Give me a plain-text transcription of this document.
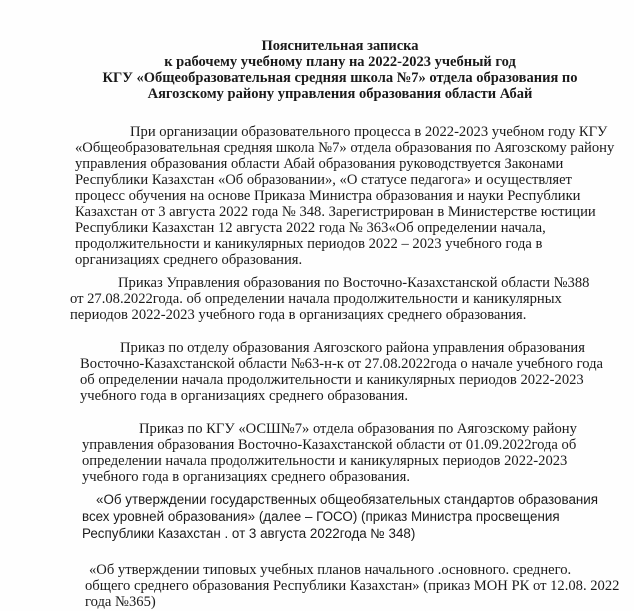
Пояснительная записка
к рабочему учебному плану на 2022-2023 учебный год
КГУ «Общеобразовательная средняя школа №7» отдела образования по
Аягозскому району управления образования области Абай
При организации образовательного процесса в 2022-2023 учебном году КГУ
«Общеобразовательная средняя школа №7» отдела образования по Аягозскому району
управления образования области Абай образования руководствуется Законами
Республики Казахстан «Об образовании», «О статусе педагога» и осуществляет
процесс обучения на основе Приказа Министра образования и науки Республики
Казахстан от 3 августа 2022 года № 348. Зарегистрирован в Министерстве юстиции
Республики Казахстан 12 августа 2022 года № 363«Об определении начала,
продолжительности и каникулярных периодов 2022 – 2023 учебного года в
организациях среднего образования.
Приказ Управления образования по Восточно-Казахстанской области №388
от 27.08.2022года. об определении начала продолжительности и каникулярных
периодов 2022-2023 учебного года в организациях среднего образования.
Приказ по отделу образования Аягозского района управления образования
Восточно-Казахстанской области №63-н-к от 27.08.2022года о начале учебного года
об определении начала продолжительности и каникулярных периодов 2022-2023
учебного года в организациях среднего образования.
Приказ по КГУ «ОСШ№7» отдела образования по Аягозскому району
управления образования Восточно-Казахстанской области от 01.09.2022года об
определении начала продолжительности и каникулярных периодов 2022-2023
учебного года в организациях среднего образования.
«Об утверждении государственных общеобязательных стандартов образования
всех уровней образования» (далее – ГОСО) (приказ Министра просвещения
Республики Казахстан . от 3 августа 2022года № 348)
«Об утверждении типовых учебных планов начального .основного. среднего.
общего среднего образования Республики Казахстан» (приказ МОН РК от 12.08. 2022
года №365)
